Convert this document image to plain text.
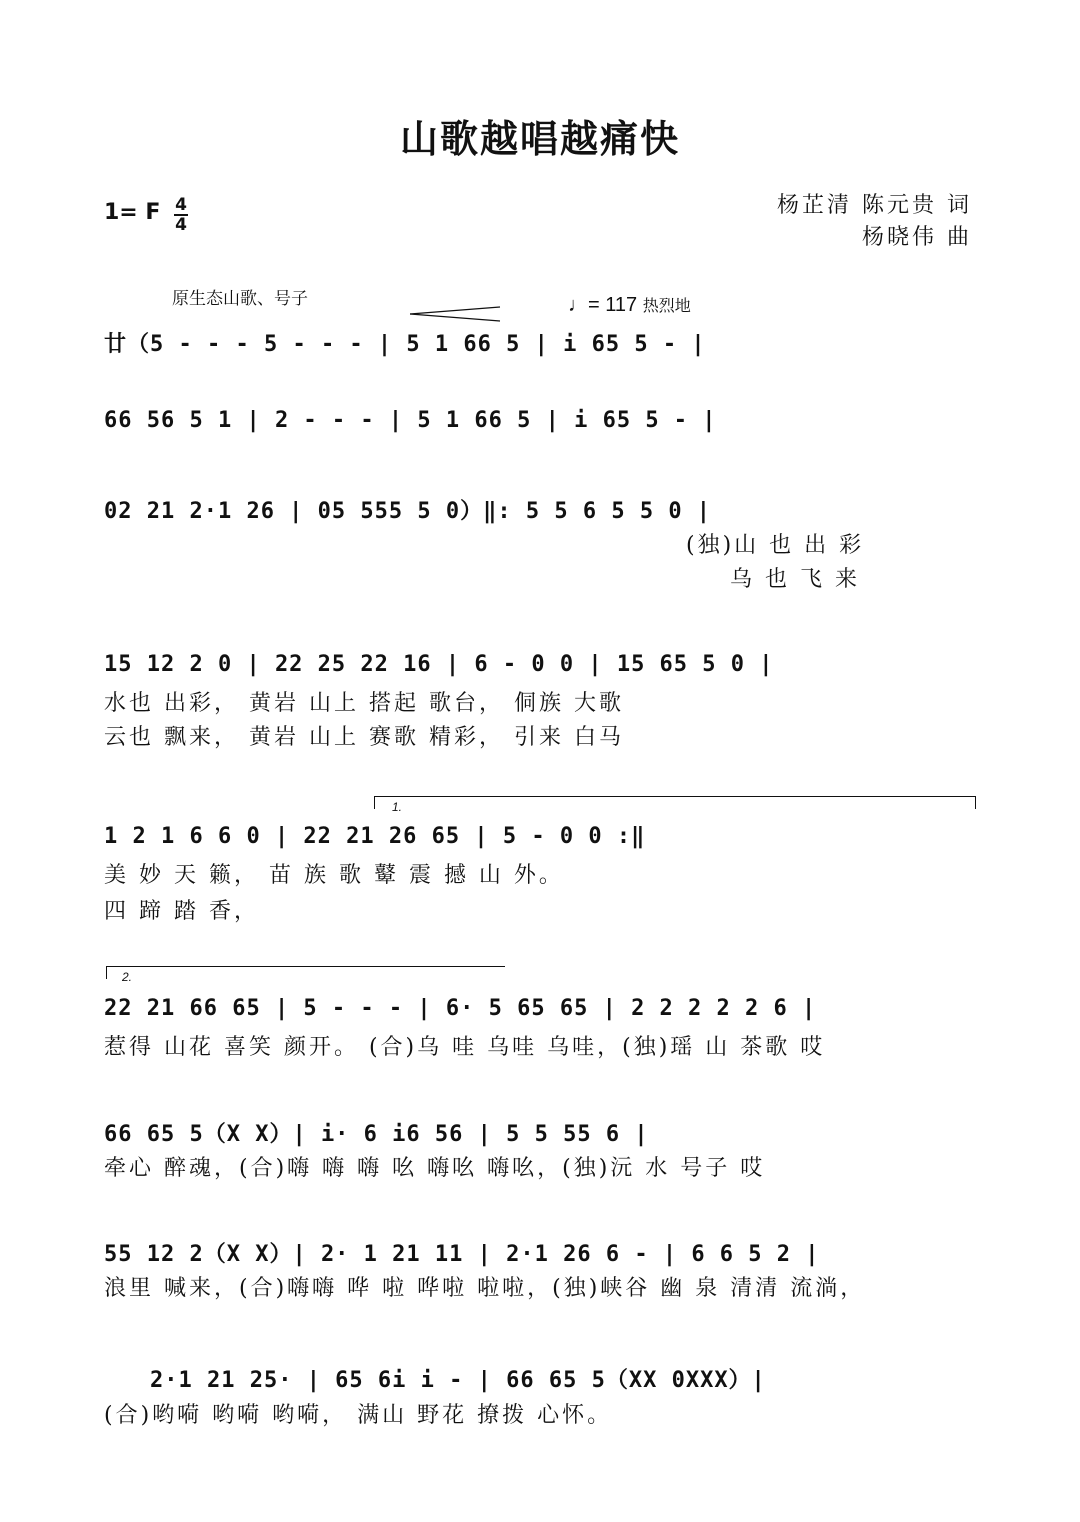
山歌越唱越痛快
1= F 4
4
杨芷清 陈元贵 词
杨晓伟 曲
原生态山歌、号子	♩= 117 热烈地
廿（5 - - - 5 - - - | 5 1 66 5 | i 65 5 - |
66 56 5 1 | 2 - - - | 5 1 66 5 | i 65 5 - |
02 21 2·1 26 | 05 555 5 0）‖: 5 5 6 5 5 0 |
(独)山 也 出 彩
乌 也 飞 来
15 12 2 0 | 22 25 22 16 | 6 - 0 0 | 15 65 5 0 |
水也 出彩， 黄岩 山上 搭起 歌台， 侗族 大歌
云也 飘来， 黄岩 山上 赛歌 精彩， 引来 白马
1.
1 2 1 6 6 0 | 22 21 26 65 | 5 - 0 0 :‖
美 妙 天 籁， 苗 族 歌 鼙 震 撼 山 外。
四 蹄 踏 香，
2.
22 21 66 65 | 5 - - - | 6· 5 65 65 | 2 2 2 2 2 6 |
惹得 山花 喜笑 颜开。 (合)乌 哇 乌哇 乌哇，(独)瑶 山 茶歌 哎
66 65 5（X X）| i· 6 i6 56 | 5 5 55 6 |
牵心 醉魂，(合)嗨 嗨 嗨 吆 嗨吆 嗨吆，(独)沅 水 号子 哎
55 12 2（X X）| 2· 1 21 11 | 2·1 26 6 - | 6 6 5 2 |
浪里 喊来，(合)嗨嗨 哗 啦 哗啦 啦啦，(独)峡谷 幽 泉 清清 流淌，
2·1 21 25· | 65 6i i - | 66 65 5（XX 0XXX）|
(合)哟嗬 哟嗬 哟嗬， 满山 野花 撩拨 心怀。
